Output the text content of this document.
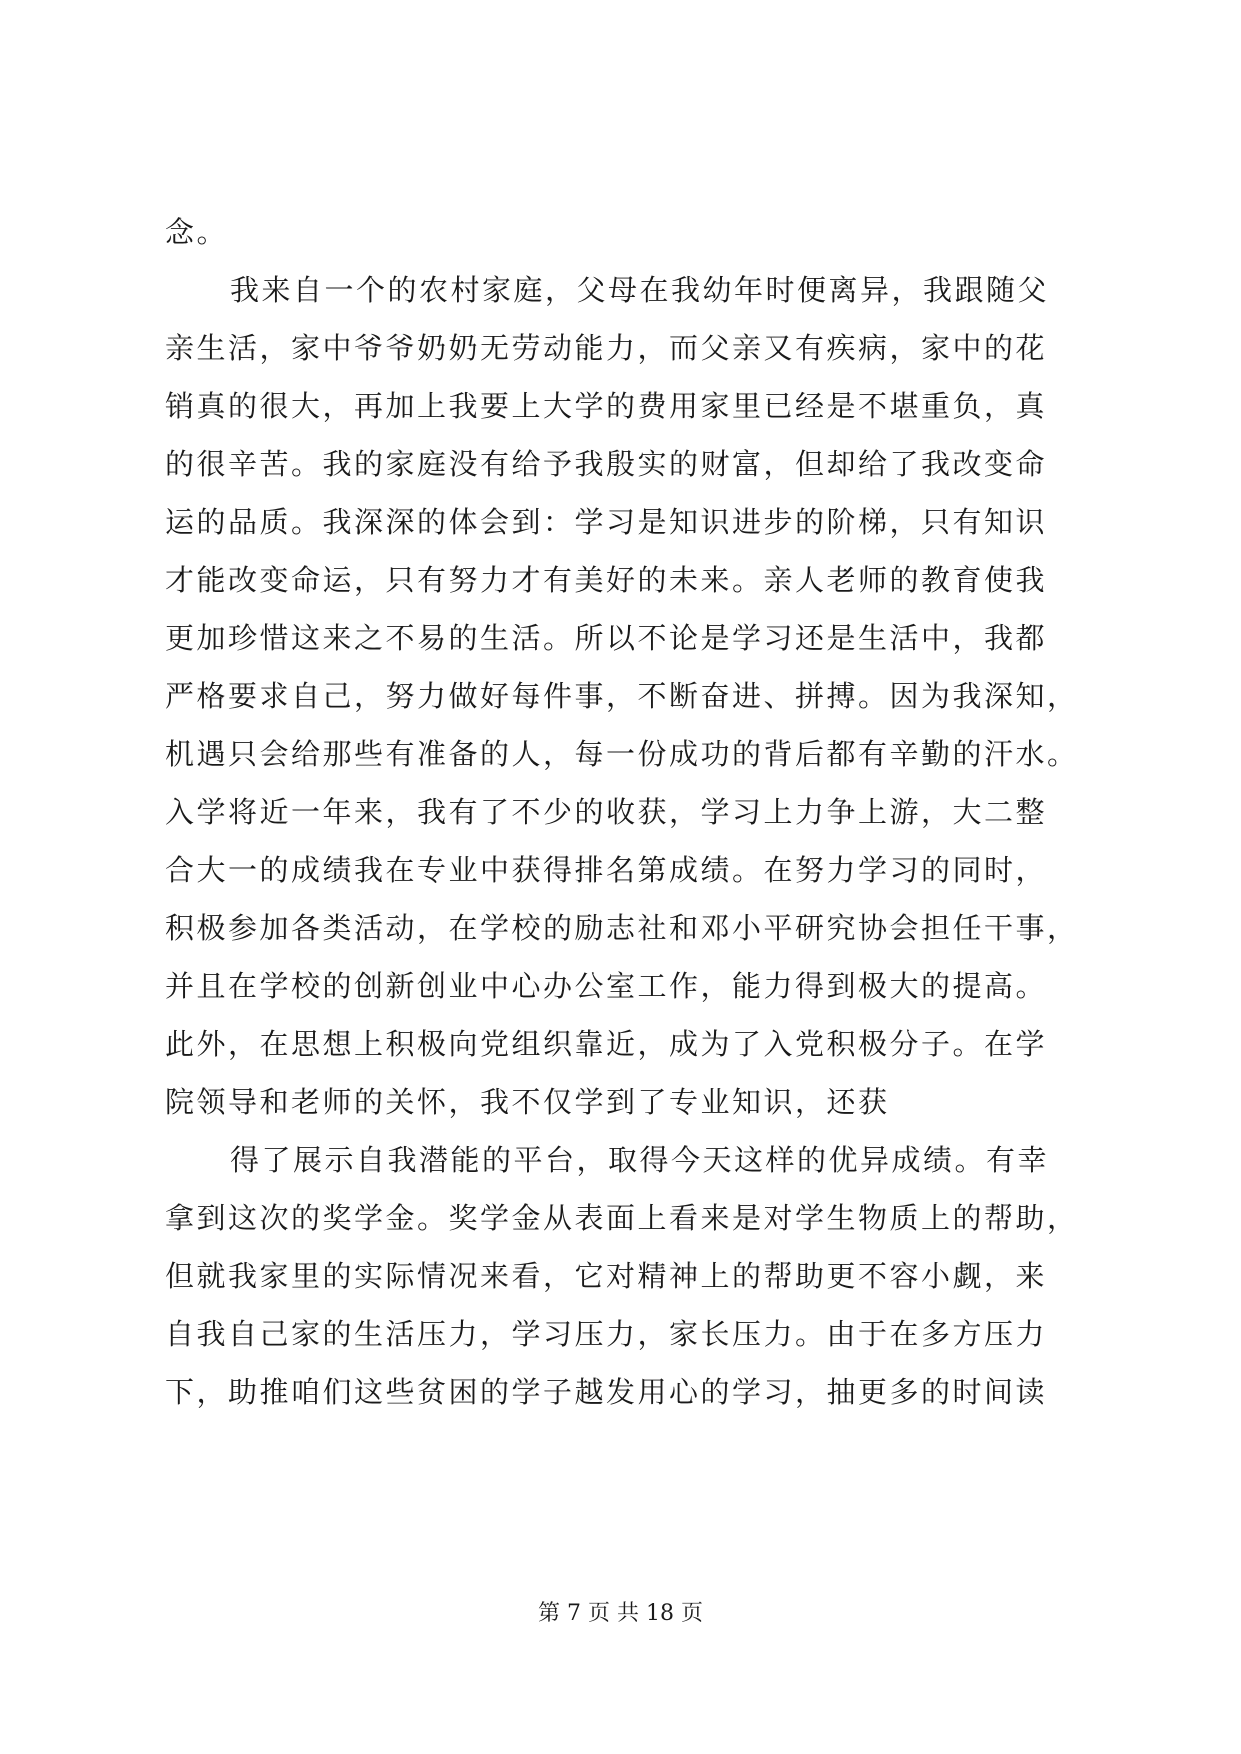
念。
我来自一个的农村家庭，父母在我幼年时便离异，我跟随父
亲生活，家中爷爷奶奶无劳动能力，而父亲又有疾病，家中的花
销真的很大，再加上我要上大学的费用家里已经是不堪重负，真
的很辛苦。我的家庭没有给予我殷实的财富，但却给了我改变命
运的品质。我深深的体会到：学习是知识进步的阶梯，只有知识
才能改变命运，只有努力才有美好的未来。亲人老师的教育使我
更加珍惜这来之不易的生活。所以不论是学习还是生活中，我都
严格要求自己，努力做好每件事，不断奋进、拼搏。因为我深知，
机遇只会给那些有准备的人，每一份成功的背后都有辛勤的汗水。
入学将近一年来，我有了不少的收获，学习上力争上游，大二整
合大一的成绩我在专业中获得排名第成绩。在努力学习的同时，
积极参加各类活动，在学校的励志社和邓小平研究协会担任干事，
并且在学校的创新创业中心办公室工作，能力得到极大的提高。
此外，在思想上积极向党组织靠近，成为了入党积极分子。在学
院领导和老师的关怀，我不仅学到了专业知识，还获
得了展示自我潜能的平台，取得今天这样的优异成绩。有幸
拿到这次的奖学金。奖学金从表面上看来是对学生物质上的帮助，
但就我家里的实际情况来看，它对精神上的帮助更不容小觑，来
自我自己家的生活压力，学习压力，家长压力。由于在多方压力
下，助推咱们这些贫困的学子越发用心的学习，抽更多的时间读
第 7 页 共 18 页
